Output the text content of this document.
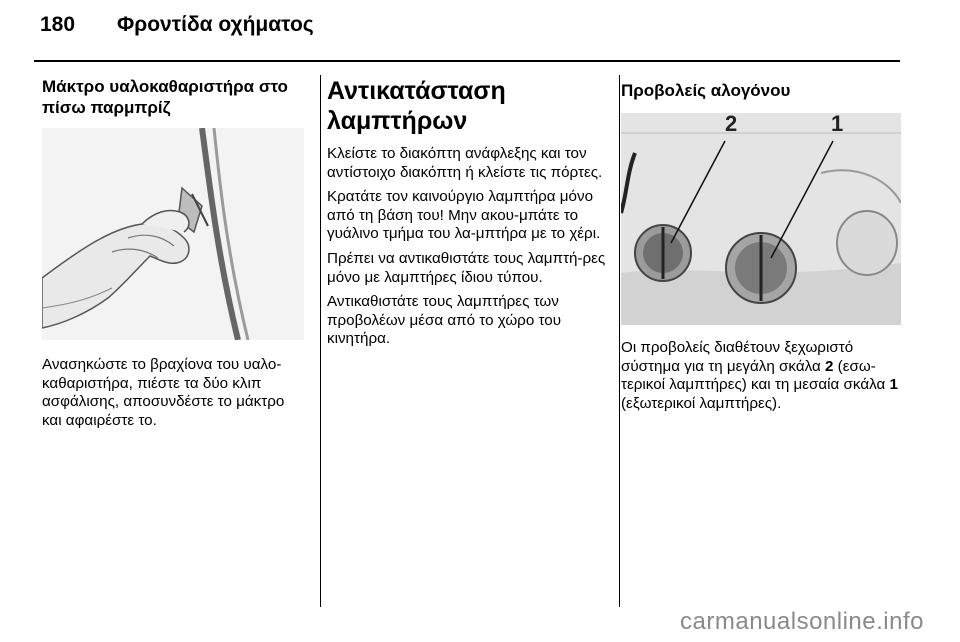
180 Φροντίδα οχήματος
Μάκτρο υαλοκαθαριστήρα στο πίσω παρμπρίζ

Ανασηκώστε το βραχίονα του υαλο-καθαριστήρα, πιέστε τα δύο κλιπ ασφάλισης, αποσυνδέστε το μάκτρο και αφαιρέστε το.

Αντικατάσταση λαμπτήρων

Κλείστε το διακόπτη ανάφλεξης και τον αντίστοιχο διακόπτη ή κλείστε τις πόρτες.

Κρατάτε τον καινούργιο λαμπτήρα μόνο από τη βάση του! Μην ακου-μπάτε το γυάλινο τμήμα του λα-μπτήρα με το χέρι.

Πρέπει να αντικαθιστάτε τους λαμπτή-ρες μόνο με λαμπτήρες ίδιου τύπου.

Αντικαθιστάτε τους λαμπτήρες των προβολέων μέσα από το χώρο του κινητήρα.

Προβολείς αλογόνου
2	1

Οι προβολείς διαθέτουν ξεχωριστό σύστημα για τη μεγάλη σκάλα 2 (εσω-τερικοί λαμπτήρες) και τη μεσαία σκάλα 1 (εξωτερικοί λαμπτήρες).

carmanualsonline.info
